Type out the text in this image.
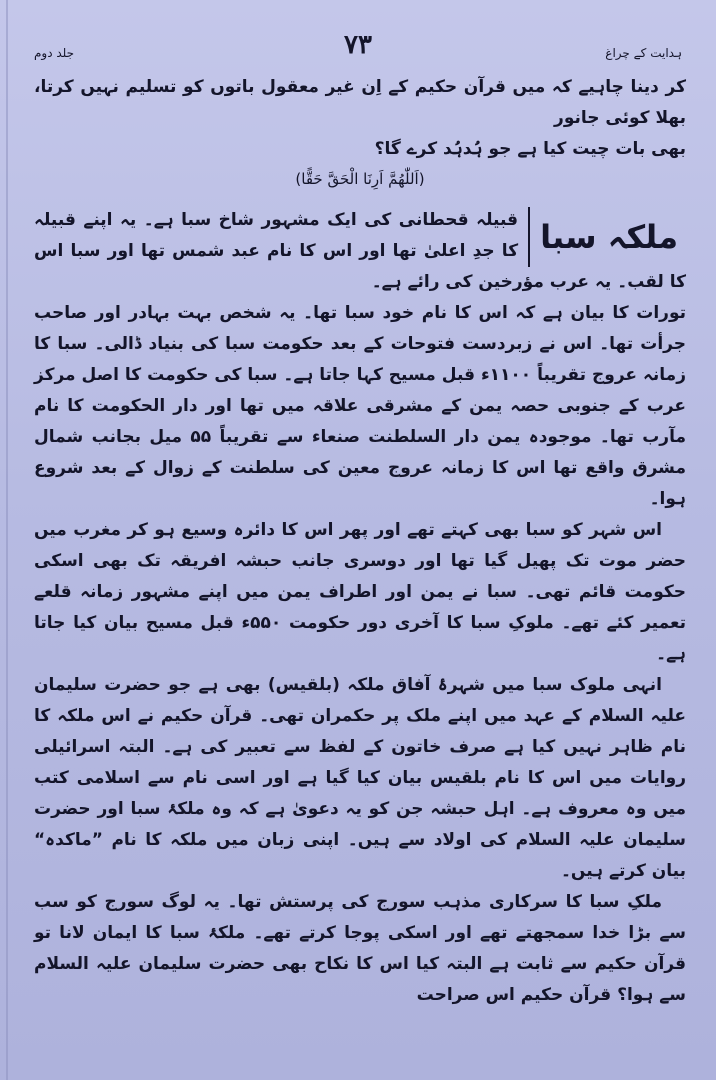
ہدایت کے چراغ
۷۳
جلد دوم

کر دینا چاہیے کہ میں قرآن حکیم کے اِن غیر معقول باتوں کو تسلیم نہیں کرتا، بھلا کوئی جانور

بھی بات چیت کیا ہے جو ہُدہُد کرے گا؟

(اَللّٰھُمَّ اَرِنَا الْحَقَّ حَقًّا)

ملکہ سبا

قبیلہ قحطانی کی ایک مشہور شاخ سبا ہے۔ یہ اپنے قبیلہ کا جدِ اعلیٰ تھا اور اس کا نام عبد شمس تھا اور سبا اس کا لقب۔ یہ عرب مؤرخین کی رائے ہے۔

تورات کا بیان ہے کہ اس کا نام خود سبا تھا۔ یہ شخص بہت بہادر اور صاحب جرأت تھا۔ اس نے زبردست فتوحات کے بعد حکومت سبا کی بنیاد ڈالی۔ سبا کا زمانہ عروج تقریباً ۱۱۰۰ء قبل مسیح کہا جاتا ہے۔ سبا کی حکومت کا اصل مرکز عرب کے جنوبی حصہ یمن کے مشرقی علاقہ میں تھا اور دار الحکومت کا نام مآرب تھا۔ موجودہ یمن دار السلطنت صنعاء سے تقریباً ۵۵ میل بجانب شمال مشرق واقع تھا اس کا زمانہ عروج معین کی سلطنت کے زوال کے بعد شروع ہوا۔

اس شہر کو سبا بھی کہتے تھے اور پھر اس کا دائرہ وسیع ہو کر مغرب میں حضر موت تک پھیل گیا تھا اور دوسری جانب حبشہ افریقہ تک بھی اسکی حکومت قائم تھی۔ سبا نے یمن اور اطراف یمن میں اپنے مشہور زمانہ قلعے تعمیر کئے تھے۔ ملوکِ سبا کا آخری دور حکومت ۵۵۰ء قبل مسیح بیان کیا جاتا ہے۔

انہی ملوک سبا میں شہرۂ آفاق ملکہ (بلقیس) بھی ہے جو حضرت سلیمان علیہ السلام کے عہد میں اپنے ملک پر حکمران تھی۔ قرآن حکیم نے اس ملکہ کا نام ظاہر نہیں کیا ہے صرف خاتون کے لفظ سے تعبیر کی ہے۔ البتہ اسرائیلی روایات میں اس کا نام بلقیس بیان کیا گیا ہے اور اسی نام سے اسلامی کتب میں وہ معروف ہے۔ اہل حبشہ جن کو یہ دعویٰ ہے کہ وہ ملکۂ سبا اور حضرت سلیمان علیہ السلام کی اولاد سے ہیں۔ اپنی زبان میں ملکہ کا نام ”ماکدہ“ بیان کرتے ہیں۔

ملکِ سبا کا سرکاری مذہب سورج کی پرستش تھا۔ یہ لوگ سورج کو سب سے بڑا خدا سمجھتے تھے اور اسکی پوجا کرتے تھے۔ ملکۂ سبا کا ایمان لانا تو قرآن حکیم سے ثابت ہے البتہ کیا اس کا نکاح بھی حضرت سلیمان علیہ السلام سے ہوا؟ قرآن حکیم اس صراحت
